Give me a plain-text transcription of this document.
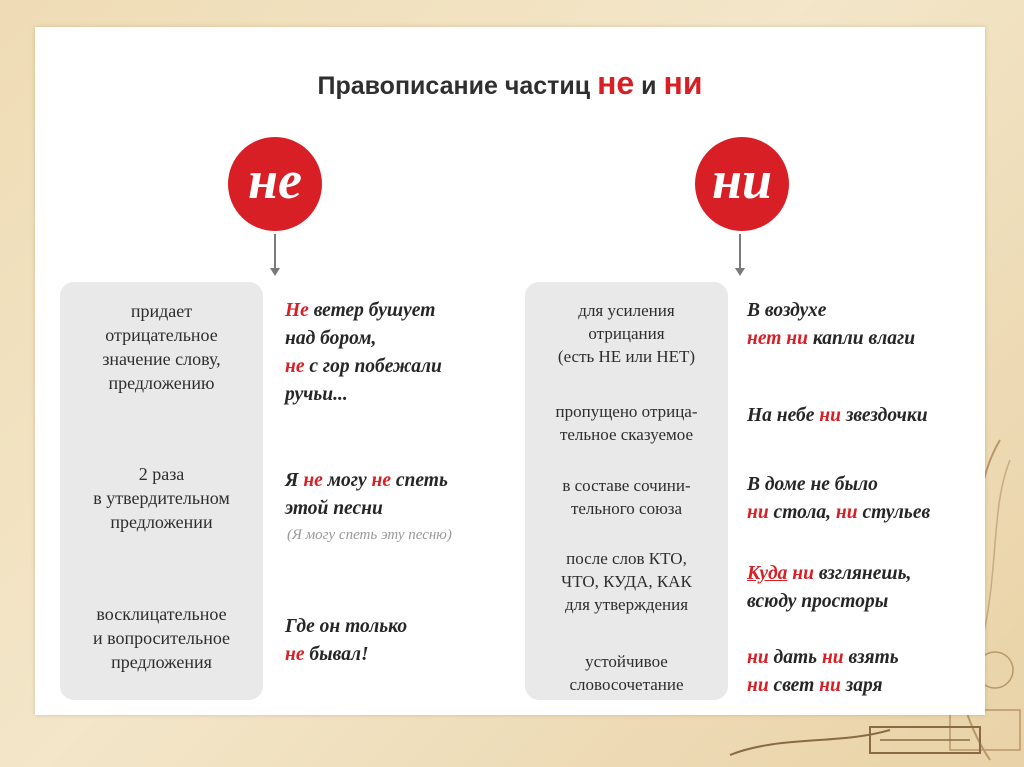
Правописание частиц не и ни
не	ни
придает
отрицательное
значение слову,
предложению
2 раза
в утвердительном
предложении
восклицательное
и вопросительное
предложения
Не ветер бушует
над бором,
не с гор побежали
ручьи...
Я не могу не спеть
этой песни
(Я могу спеть эту песню)
Где он только
не бывал!
для усиления
отрицания
(есть НЕ или НЕТ)
пропущено отрица-
тельное сказуемое
в составе сочини-
тельного союза
после слов КТО,
ЧТО, КУДА, КАК
для утверждения
устойчивое
словосочетание
В воздухе
нет ни капли влаги
На небе ни звездочки
В доме не было
ни стола, ни стульев
Куда ни взглянешь,
всюду просторы
ни дать ни взять
ни свет ни заря
